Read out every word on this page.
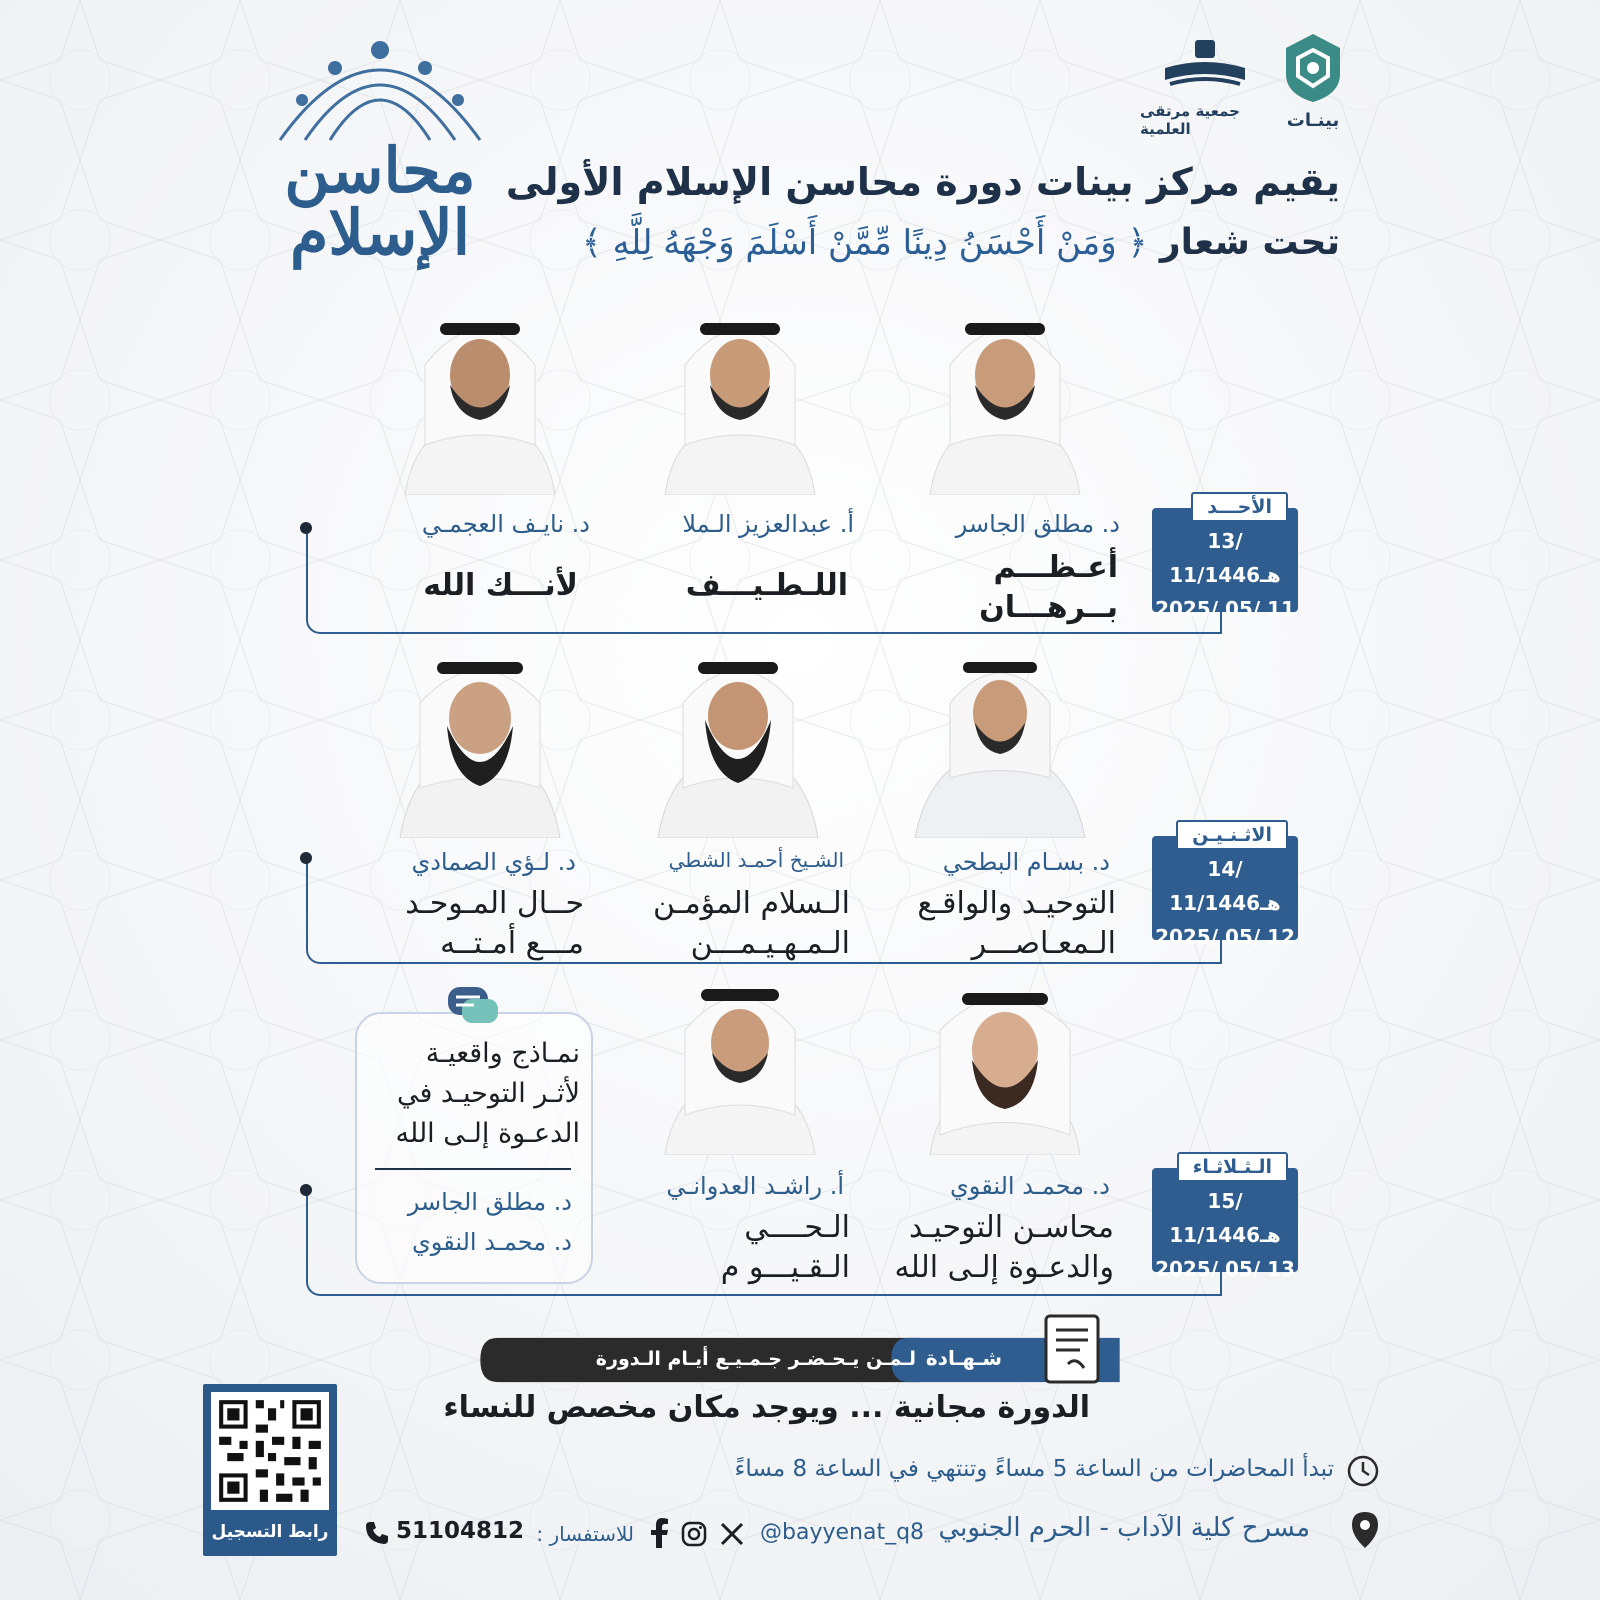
بينـات
جمعية مرتقى العلمية
يقيم مركز بينات دورة محاسن الإسلام الأولى
تحت شعار ﴿ وَمَنْ أَحْسَنُ دِينًا مِّمَّنْ أَسْلَمَ وَجْهَهُ لِلَّهِ ﴾
محاسن الإسلام
الأحـــد
13/ 11/1446هـ
2025/ 05/ 11
د. مطلق الجاسر
أعـظـــم
بــرهـــان
أ. عبدالعزيز الـملا
اللـطـيـــف
د. نايـف العجمـي
لأنـــك الله
الاثـنـيـن
14/ 11/1446هـ
2025/ 05/ 12
د. بسـام البطحي
التوحيـد والواقـع
الـمعـاصـــر
الشـيخ أحمـد الشطي
الـسلام المؤمـن
الـمـهـيـمـــن
د. لـؤي الصمادي
حــال المـوحـد
مـــع أمـتــه
نمـاذج واقعيـة
لأثـر التوحيـد في
الدعـوة إلـى الله
د. مطلق الجاسر
د. محمـد النقوي
الـثـلاثـاء
15/ 11/1446هـ
2025/ 05/ 13
د. محمـد النقوي
محاسـن التوحيـد
والدعـوة إلـى الله
أ. راشـد العدوانـي
الـحــــي
الـقـيـــو م
شـهـادة
لـمـن يـحـضـر جـمـيـع أيـام الـدورة
الدورة مجانية ... ويوجد مكان مخصص للنساء
تبدأ المحاضرات من الساعة 5 مساءً وتنتهي في الساعة 8 مساءً
مسرح كلية الآداب - الحرم الجنوبي
@bayyenat_q8
للاستفسار :
51104812
رابط التسجيل
